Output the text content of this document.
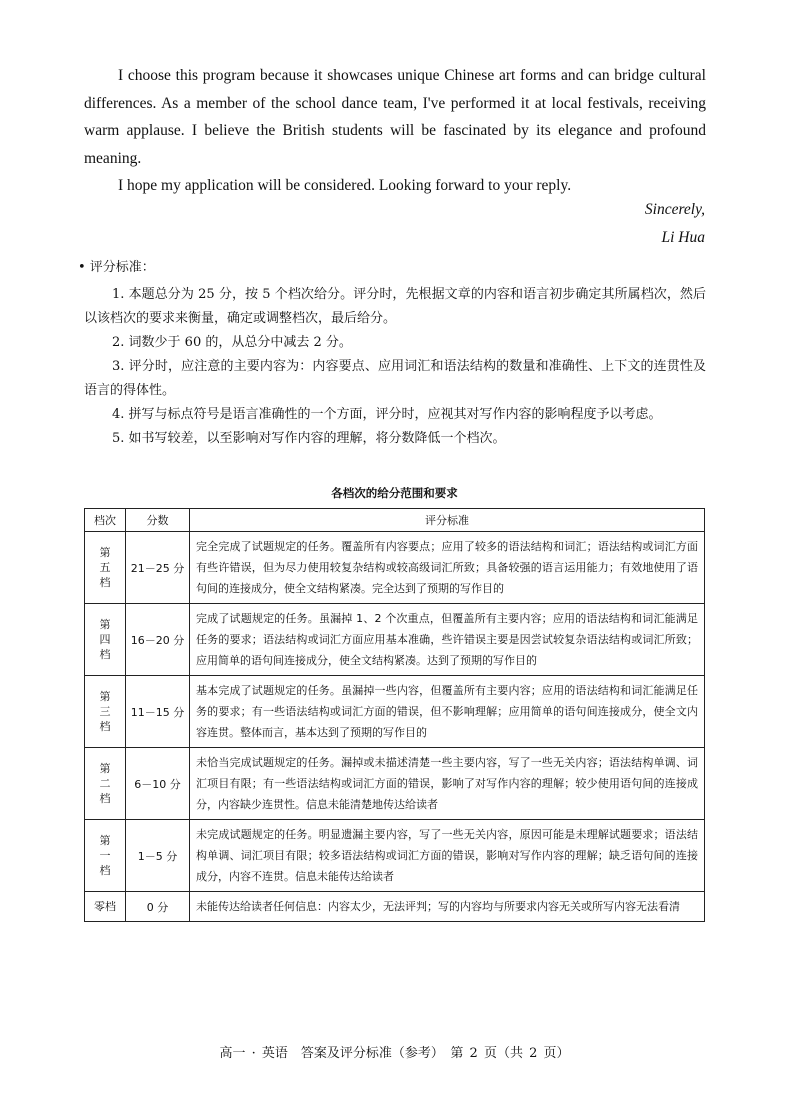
I choose this program because it showcases unique Chinese art forms and can bridge cultural differences. As a member of the school dance team, I've performed it at local festivals, receiving warm applause. I believe the British students will be fascinated by its elegance and profound meaning.

I hope my application will be considered. Looking forward to your reply.

Sincerely,
Li Hua
• 评分标准：

1. 本题总分为 25 分，按 5 个档次给分。评分时，先根据文章的内容和语言初步确定其所属档次，然后以该档次的要求来衡量，确定或调整档次，最后给分。

2. 词数少于 60 的，从总分中减去 2 分。

3. 评分时，应注意的主要内容为：内容要点、应用词汇和语法结构的数量和准确性、上下文的连贯性及语言的得体性。

4. 拼写与标点符号是语言准确性的一个方面，评分时，应视其对写作内容的影响程度予以考虑。

5. 如书写较差，以至影响对写作内容的理解，将分数降低一个档次。

各档次的给分范围和要求
档次	分数	评分标准
第五档	21－25 分	完全完成了试题规定的任务。覆盖所有内容要点；应用了较多的语法结构和词汇；语法结构或词汇方面有些许错误，但为尽力使用较复杂结构或较高级词汇所致；具备较强的语言运用能力；有效地使用了语句间的连接成分，使全文结构紧凑。完全达到了预期的写作目的
第四档	16－20 分	完成了试题规定的任务。虽漏掉 1、2 个次重点，但覆盖所有主要内容；应用的语法结构和词汇能满足任务的要求；语法结构或词汇方面应用基本准确，些许错误主要是因尝试较复杂语法结构或词汇所致；应用简单的语句间连接成分，使全文结构紧凑。达到了预期的写作目的
第三档	11－15 分	基本完成了试题规定的任务。虽漏掉一些内容，但覆盖所有主要内容；应用的语法结构和词汇能满足任务的要求；有一些语法结构或词汇方面的错误，但不影响理解；应用简单的语句间连接成分，使全文内容连贯。整体而言，基本达到了预期的写作目的
第二档	6－10 分	未恰当完成试题规定的任务。漏掉或未描述清楚一些主要内容，写了一些无关内容；语法结构单调、词汇项目有限；有一些语法结构或词汇方面的错误，影响了对写作内容的理解；较少使用语句间的连接成分，内容缺少连贯性。信息未能清楚地传达给读者
第一档	1－5 分	未完成试题规定的任务。明显遗漏主要内容，写了一些无关内容，原因可能是未理解试题要求；语法结构单调、词汇项目有限；较多语法结构或词汇方面的错误，影响对写作内容的理解；缺乏语句间的连接成分，内容不连贯。信息未能传达给读者
零档	0 分	未能传达给读者任何信息：内容太少，无法评判；写的内容均与所要求内容无关或所写内容无法看清
高一 · 英语　答案及评分标准（参考）　第 2 页（共 2 页）
